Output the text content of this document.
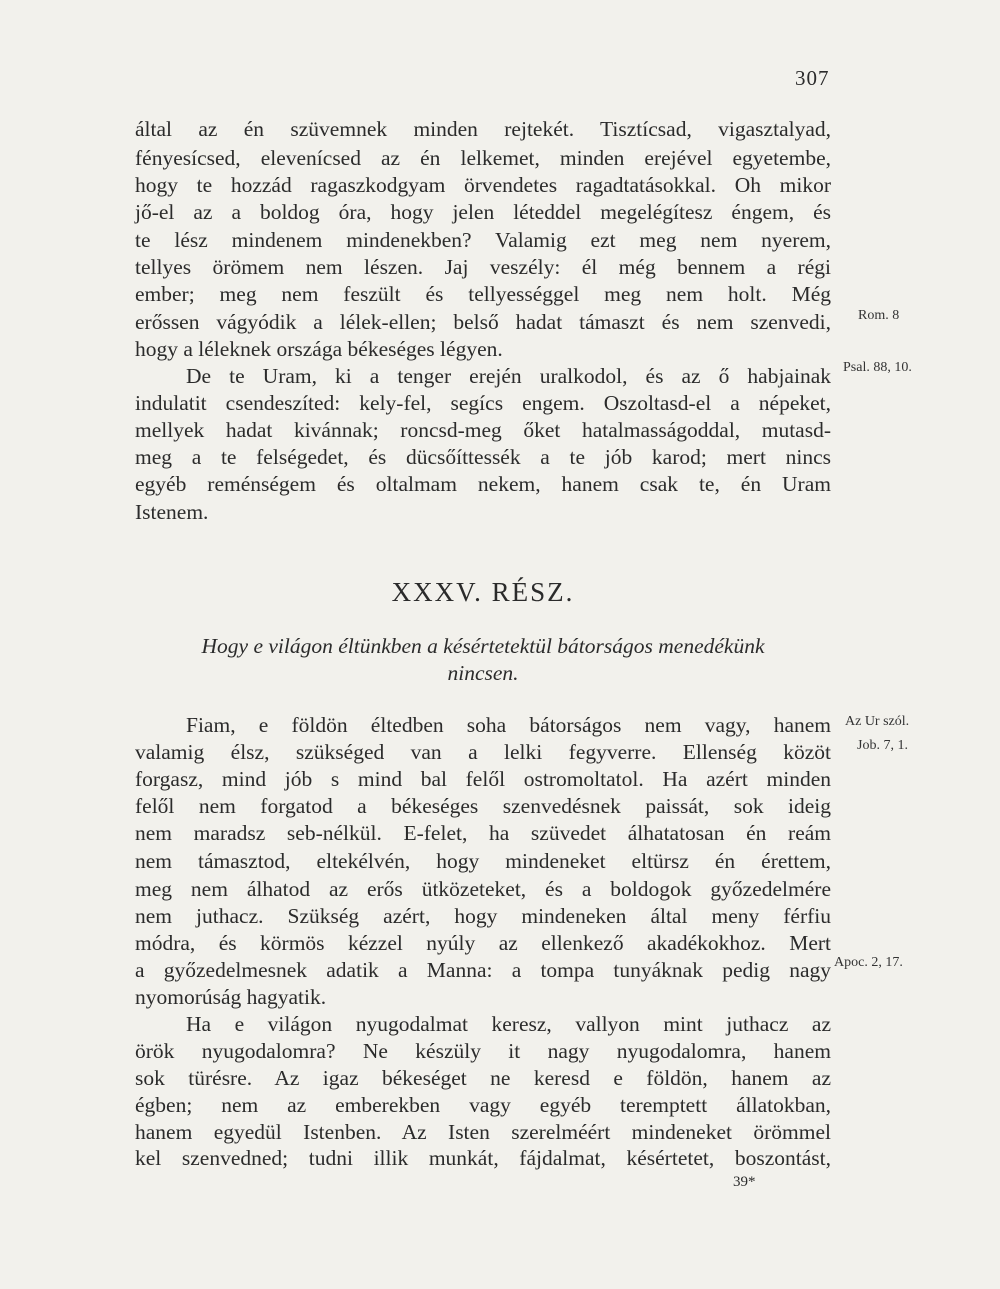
307
által az én szüvemnek minden rejtekét. Tisztícsad, vigasztalyad,
fényesícsed, elevenícsed az én lelkemet, minden erejével egyetembe,
hogy te hozzád ragaszkodgyam örvendetes ragadtatásokkal. Oh mikor
jő-el az a boldog óra, hogy jelen léteddel megelégítesz éngem, és
te lész mindenem mindenekben? Valamig ezt meg nem nyerem,
tellyes örömem nem lészen. Jaj veszély: él még bennem a régi
ember; meg nem feszült és tellyességgel meg nem holt. Még
erőssen vágyódik a lélek-ellen; belső hadat támaszt és nem szenvedi,
hogy a léleknek országa békeséges légyen.
De te Uram, ki a tenger erején uralkodol, és az ő habjainak
indulatit csendeszíted: kely-fel, segícs engem. Oszoltasd-el a népeket,
mellyek hadat kivánnak; roncsd-meg őket hatalmasságoddal, mutasd-
meg a te felségedet, és dücsőíttessék a te jób karod; mert nincs
egyéb reménségem és oltalmam nekem, hanem csak te, én Uram
Istenem.
XXXV. RÉSZ.
Hogy e világon éltünkben a késértetektül bátorságos menedékünk
nincsen.
Fiam, e földön éltedben soha bátorságos nem vagy, hanem
valamig élsz, szükséged van a lelki fegyverre. Ellenség közöt
forgasz, mind jób s mind bal felől ostromoltatol. Ha azért minden
felől nem forgatod a békeséges szenvedésnek paissát, sok ideig
nem maradsz seb-nélkül. E-felet, ha szüvedet álhatatosan én reám
nem támasztod, eltekélvén, hogy mindeneket eltürsz én érettem,
meg nem álhatod az erős ütközeteket, és a boldogok győzedelmére
nem juthacz. Szükség azért, hogy mindeneken által meny férfiu
módra, és körmös kézzel nyúly az ellenkező akadékokhoz. Mert
a győzedelmesnek adatik a Manna: a tompa tunyáknak pedig nagy
nyomorúság hagyatik.
Ha e világon nyugodalmat keresz, vallyon mint juthacz az
örök nyugodalomra? Ne készüly it nagy nyugodalomra, hanem
sok türésre. Az igaz békeséget ne keresd e földön, hanem az
égben; nem az emberekben vagy egyéb teremptett állatokban,
hanem egyedül Istenben. Az Isten szerelméért mindeneket örömmel
kel szenvedned; tudni illik munkát, fájdalmat, késértetet, boszontást,
Rom. 8
Psal. 88, 10.
Az Ur szól.
Job. 7, 1.
Apoc. 2, 17.
39*
